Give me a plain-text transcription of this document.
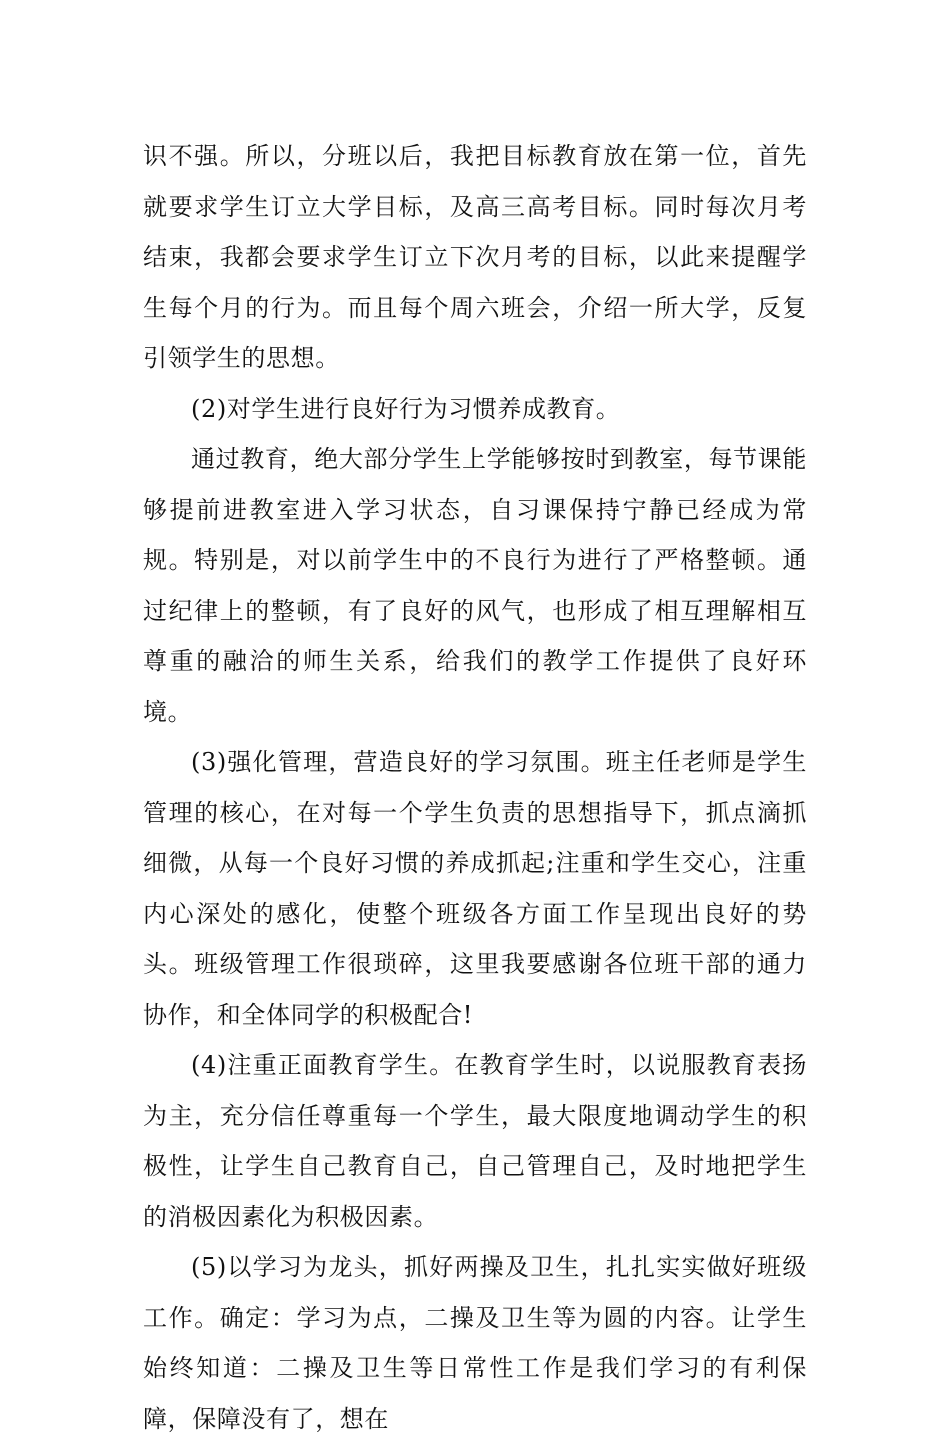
识不强。所以，分班以后，我把目标教育放在第一位，首先就要求学生订立大学目标，及高三高考目标。同时每次月考结束，我都会要求学生订立下次月考的目标，以此来提醒学生每个月的行为。而且每个周六班会，介绍一所大学，反复引领学生的思想。

(2)对学生进行良好行为习惯养成教育。

通过教育，绝大部分学生上学能够按时到教室，每节课能够提前进教室进入学习状态，自习课保持宁静已经成为常规。特别是，对以前学生中的不良行为进行了严格整顿。通过纪律上的整顿，有了良好的风气，也形成了相互理解相互尊重的融洽的师生关系，给我们的教学工作提供了良好环境。

(3)强化管理，营造良好的学习氛围。班主任老师是学生管理的核心，在对每一个学生负责的思想指导下，抓点滴抓细微，从每一个良好习惯的养成抓起;注重和学生交心，注重内心深处的感化，使整个班级各方面工作呈现出良好的势头。班级管理工作很琐碎，这里我要感谢各位班干部的通力协作，和全体同学的积极配合!

(4)注重正面教育学生。在教育学生时，以说服教育表扬为主，充分信任尊重每一个学生，最大限度地调动学生的积极性，让学生自己教育自己，自己管理自己，及时地把学生的消极因素化为积极因素。

(5)以学习为龙头，抓好两操及卫生，扎扎实实做好班级工作。确定：学习为点，二操及卫生等为圆的内容。让学生始终知道：二操及卫生等日常性工作是我们学习的有利保障，保障没有了，想在
